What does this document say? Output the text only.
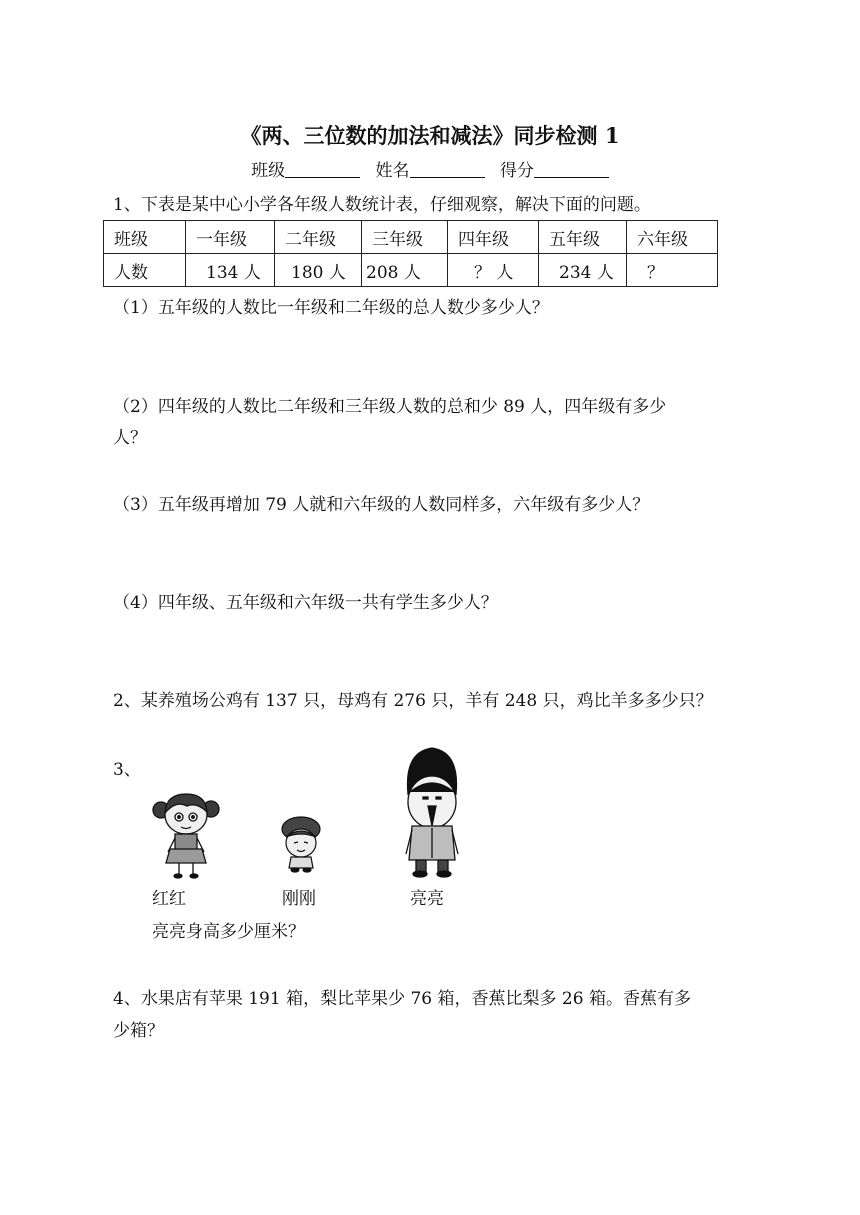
《两、三位数的加法和减法》同步检测 1
班级	姓名	得分
1、下表是某中心小学各年级人数统计表，仔细观察，解决下面的问题。
班级	一年级	二年级	三年级	四年级	五年级	六年级
人数	134 人	180 人	208 人	？ 人	234 人	？
（1）五年级的人数比一年级和二年级的总人数少多少人？
（2）四年级的人数比二年级和三年级人数的总和少 89 人，四年级有多少
人？
（3）五年级再增加 79 人就和六年级的人数同样多，六年级有多少人？
（4）四年级、五年级和六年级一共有学生多少人？
2、某养殖场公鸡有 137 只，母鸡有 276 只，羊有 248 只，鸡比羊多多少只？
3、
红红	刚刚	亮亮
亮亮身高多少厘米？
4、水果店有苹果 191 箱，梨比苹果少 76 箱，香蕉比梨多 26 箱。香蕉有多
少箱？
